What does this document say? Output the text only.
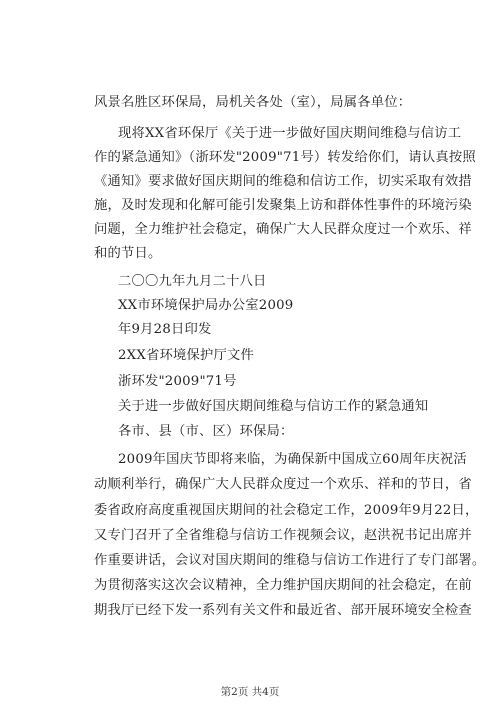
风景名胜区环保局，局机关各处（室），局属各单位：
现将XX省环保厅《关于进一步做好国庆期间维稳与信访工
作的紧急通知》（浙环发"2009"71号）转发给你们，请认真按照
《通知》要求做好国庆期间的维稳和信访工作，切实采取有效措
施，及时发现和化解可能引发聚集上访和群体性事件的环境污染
问题，全力维护社会稳定，确保广大人民群众度过一个欢乐、祥
和的节日。
二〇〇九年九月二十八日
XX市环境保护局办公室2009
年9月28日印发
2XX省环境保护厅文件
浙环发"2009"71号
关于进一步做好国庆期间维稳与信访工作的紧急通知
各市、县（市、区）环保局：
2009年国庆节即将来临，为确保新中国成立60周年庆祝活
动顺利举行，确保广大人民群众度过一个欢乐、祥和的节日，省
委省政府高度重视国庆期间的社会稳定工作，2009年9月22日，
又专门召开了全省维稳与信访工作视频会议，赵洪祝书记出席并
作重要讲话，会议对国庆期间的维稳与信访工作进行了专门部署。
为贯彻落实这次会议精神，全力维护国庆期间的社会稳定，在前
期我厅已经下发一系列有关文件和最近省、部开展环境安全检查
第2页 共4页
